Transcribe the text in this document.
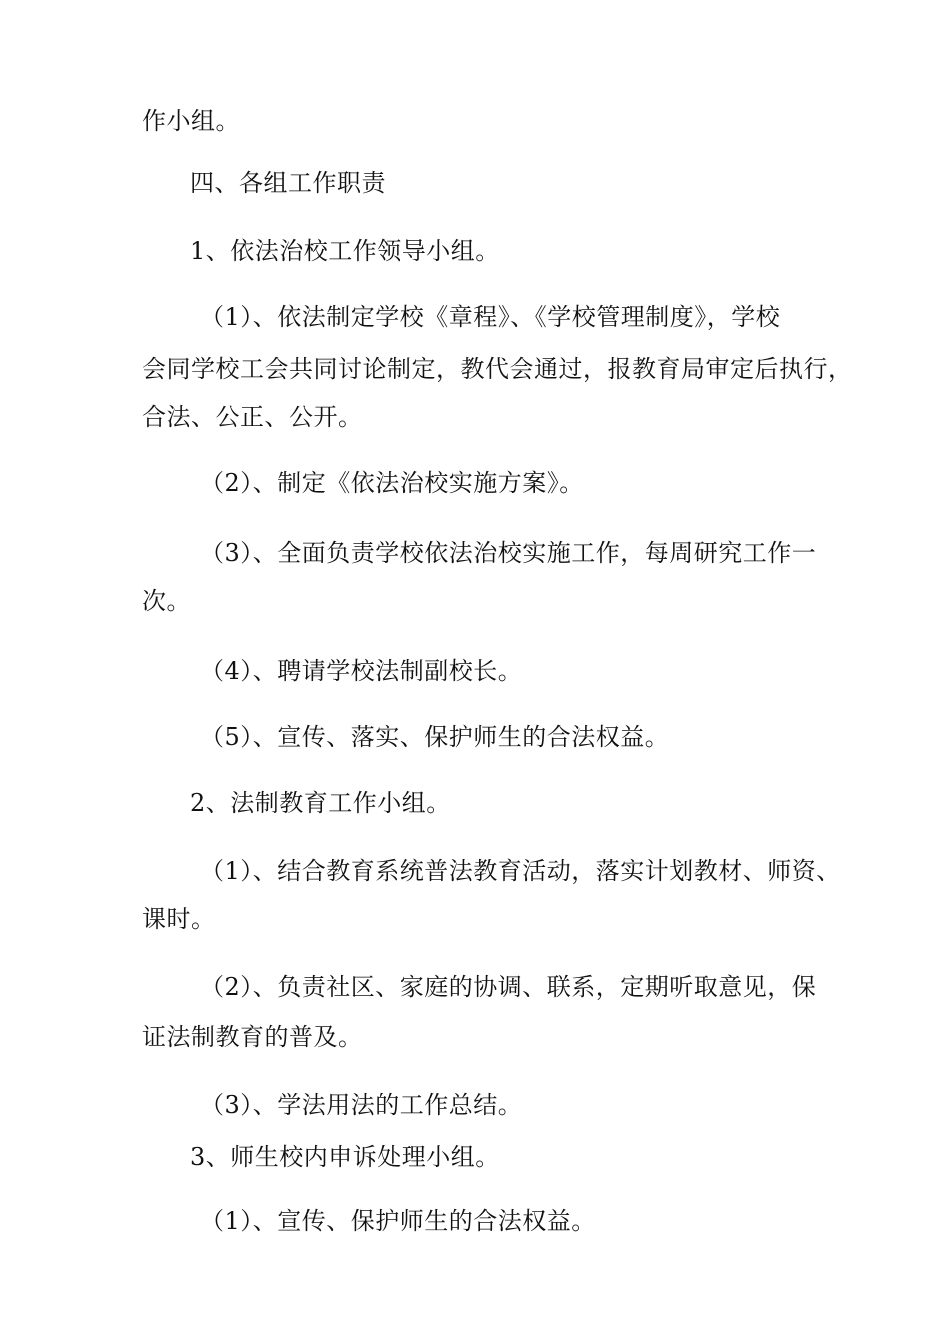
作小组。

四、各组工作职责

1、依法治校工作领导小组。

（1）、依法制定学校《章程》、《学校管理制度》，学校

会同学校工会共同讨论制定，教代会通过，报教育局审定后执行，

合法、公正、公开。

（2）、制定《依法治校实施方案》。

（3）、全面负责学校依法治校实施工作，每周研究工作一

次。

（4）、聘请学校法制副校长。

（5）、宣传、落实、保护师生的合法权益。

2、法制教育工作小组。

（1）、结合教育系统普法教育活动，落实计划教材、师资、

课时。

（2）、负责社区、家庭的协调、联系，定期听取意见，保

证法制教育的普及。

（3）、学法用法的工作总结。

3、师生校内申诉处理小组。

（1）、宣传、保护师生的合法权益。
